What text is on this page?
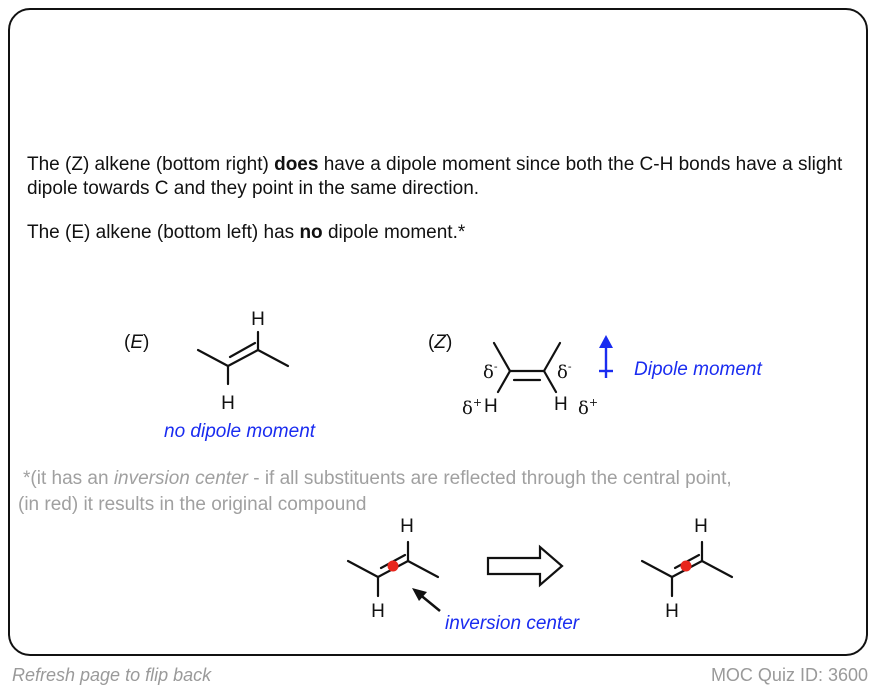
The (Z) alkene (bottom right) does have a dipole moment since both the C-H bonds have a slight dipole towards C and they point in the same direction.
The (E) alkene (bottom left) has no dipole moment.*
*(it has an inversion center - if all substituents are reflected through the central point,
(in red) it results in the original compound
(E)
H
H
no dipole moment
(Z)
δ-	δ-
δ+ H	H δ+
Dipole moment
H
H
inversion center
H
H
Refresh page to flip back	MOC Quiz ID: 3600
